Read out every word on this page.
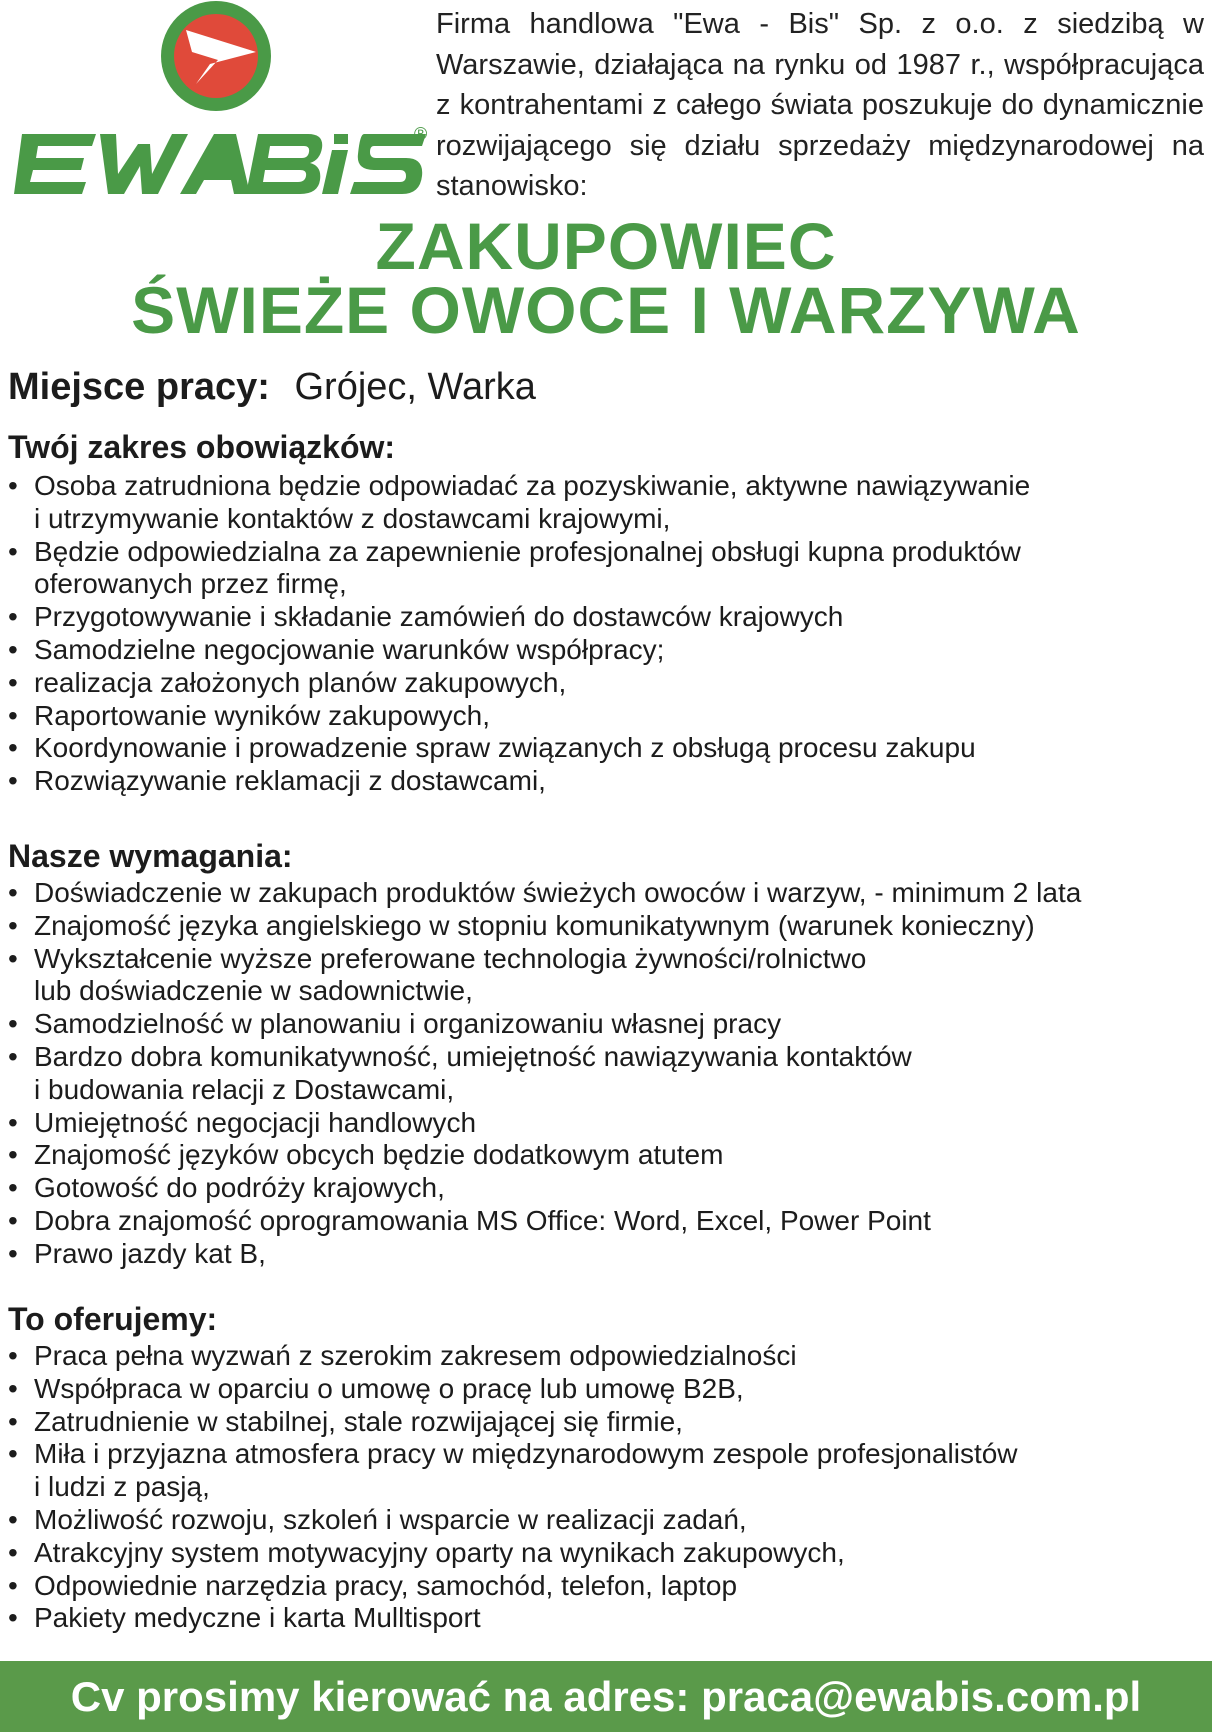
®
Firma handlowa "Ewa - Bis" Sp. z o.o. z siedzibą w Warszawie, działająca na rynku od 1987 r., współpracująca z kontrahentami z całego świata poszukuje do dynamicznie rozwijającego się działu sprzedaży międzynarodowej na stanowisko:
ZAKUPOWIEC
ŚWIEŻE OWOCE I WARZYWA
Miejsce pracy: Grójec, Warka
Twój zakres obowiązków:
• Osoba zatrudniona będzie odpowiadać za pozyskiwanie, aktywne nawiązywanie
i utrzymywanie kontaktów z dostawcami krajowymi,
• Będzie odpowiedzialna za zapewnienie profesjonalnej obsługi kupna produktów
oferowanych przez firmę,
• Przygotowywanie i składanie zamówień do dostawców krajowych
• Samodzielne negocjowanie warunków współpracy;
• realizacja założonych planów zakupowych,
• Raportowanie wyników zakupowych,
• Koordynowanie i prowadzenie spraw związanych z obsługą procesu zakupu
• Rozwiązywanie reklamacji z dostawcami,
Nasze wymagania:
• Doświadczenie w zakupach produktów świeżych owoców i warzyw, - minimum 2 lata
• Znajomość języka angielskiego w stopniu komunikatywnym (warunek konieczny)
• Wykształcenie wyższe preferowane technologia żywności/rolnictwo
lub doświadczenie w sadownictwie,
• Samodzielność w planowaniu i organizowaniu własnej pracy
• Bardzo dobra komunikatywność, umiejętność nawiązywania kontaktów
i budowania relacji z Dostawcami,
• Umiejętność negocjacji handlowych
• Znajomość języków obcych będzie dodatkowym atutem
• Gotowość do podróży krajowych,
• Dobra znajomość oprogramowania MS Office: Word, Excel, Power Point
• Prawo jazdy kat B,
To oferujemy:
• Praca pełna wyzwań z szerokim zakresem odpowiedzialności
• Współpraca w oparciu o umowę o pracę lub umowę B2B,
• Zatrudnienie w stabilnej, stale rozwijającej się firmie,
• Miła i przyjazna atmosfera pracy w międzynarodowym zespole profesjonalistów
i ludzi z pasją,
• Możliwość rozwoju, szkoleń i wsparcie w realizacji zadań,
• Atrakcyjny system motywacyjny oparty na wynikach zakupowych,
• Odpowiednie narzędzia pracy, samochód, telefon, laptop
• Pakiety medyczne i karta Mulltisport
Cv prosimy kierować na adres: praca@ewabis.com.pl
